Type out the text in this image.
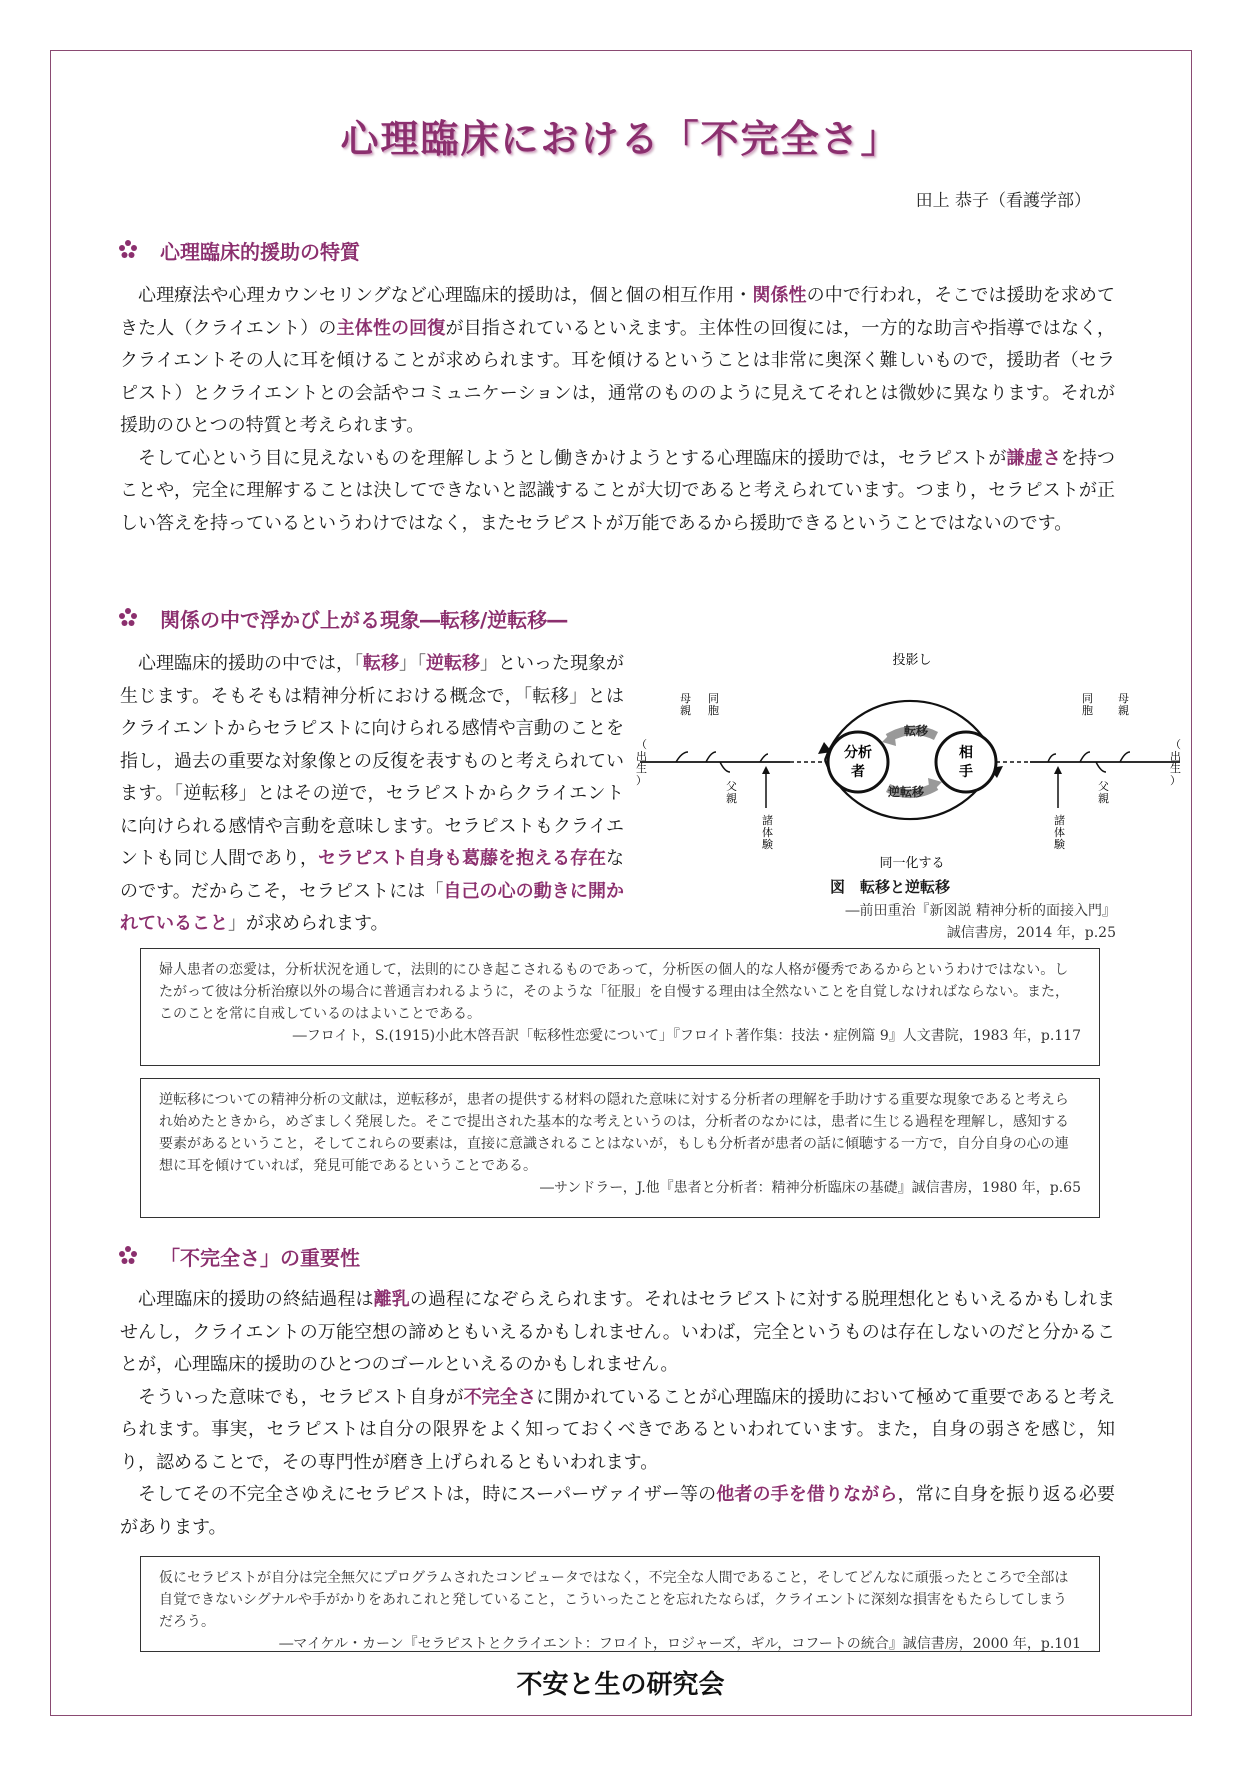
心理臨床における「不完全さ」
田上 恭子（看護学部）
心理臨床的援助の特質

心理療法や心理カウンセリングなど心理臨床的援助は，個と個の相互作用・関係性の中で行われ，そこでは援助を求めてきた人（クライエント）の主体性の回復が目指されているといえます。主体性の回復には，一方的な助言や指導ではなく，クライエントその人に耳を傾けることが求められます。耳を傾けるということは非常に奥深く難しいもので，援助者（セラピスト）とクライエントとの会話やコミュニケーションは，通常のもののように見えてそれとは微妙に異なります。それが援助のひとつの特質と考えられます。

そして心という目に見えないものを理解しようとし働きかけようとする心理臨床的援助では，セラピストが謙虚さを持つことや，完全に理解することは決してできないと認識することが大切であると考えられています。つまり，セラピストが正しい答えを持っているというわけではなく，またセラピストが万能であるから援助できるということではないのです。

関係の中で浮かび上がる現象―転移/逆転移―

心理臨床的援助の中では，「転移」「逆転移」といった現象が生じます。そもそもは精神分析における概念で，「転移」とはクライエントからセラピストに向けられる感情や言動のことを指し，過去の重要な対象像との反復を表すものと考えられています。「逆転移」とはその逆で，セラピストからクライエントに向けられる感情や言動を意味します。セラピストもクライエントも同じ人間であり，セラピスト自身も葛藤を抱える存在なのです。だからこそ，セラピストには「自己の心の動きに開かれていること」が求められます。

投影し
同一化する
分析
者
相
手
転移
逆転移
（出生）
母親
同胞
父親
諸体験
同胞
母親
父親
諸体験
（出生）
図　転移と逆転移
―前田重治『新図説 精神分析的面接入門』
誠信書房，2014 年，p.25
婦人患者の恋愛は，分析状況を通して，法則的にひき起こされるものであって，分析医の個人的な人格が優秀であるからというわけではない。したがって彼は分析治療以外の場合に普通言われるように，そのような「征服」を自慢する理由は全然ないことを自覚しなければならない。また，このことを常に自戒しているのはよいことである。
―フロイト，S.(1915)小此木啓吾訳「転移性恋愛について」『フロイト著作集：技法・症例篇 9』人文書院，1983 年，p.117
逆転移についての精神分析の文献は，逆転移が，患者の提供する材料の隠れた意味に対する分析者の理解を手助けする重要な現象であると考えられ始めたときから，めざましく発展した。そこで提出された基本的な考えというのは，分析者のなかには，患者に生じる過程を理解し，感知する要素があるということ，そしてこれらの要素は，直接に意識されることはないが，もしも分析者が患者の話に傾聴する一方で，自分自身の心の連想に耳を傾けていれば，発見可能であるということである。
―サンドラー，J.他『患者と分析者：精神分析臨床の基礎』誠信書房，1980 年，p.65
「不完全さ」の重要性

心理臨床的援助の終結過程は離乳の過程になぞらえられます。それはセラピストに対する脱理想化ともいえるかもしれませんし，クライエントの万能空想の諦めともいえるかもしれません。いわば，完全というものは存在しないのだと分かることが，心理臨床的援助のひとつのゴールといえるのかもしれません。

そういった意味でも，セラピスト自身が不完全さに開かれていることが心理臨床的援助において極めて重要であると考えられます。事実，セラピストは自分の限界をよく知っておくべきであるといわれています。また，自身の弱さを感じ，知り，認めることで，その専門性が磨き上げられるともいわれます。

そしてその不完全さゆえにセラピストは，時にスーパーヴァイザー等の他者の手を借りながら，常に自身を振り返る必要があります。

仮にセラピストが自分は完全無欠にプログラムされたコンピュータではなく，不完全な人間であること，そしてどんなに頑張ったところで全部は自覚できないシグナルや手がかりをあれこれと発していること，こういったことを忘れたならば，クライエントに深刻な損害をもたらしてしまうだろう。
―マイケル・カーン『セラピストとクライエント：フロイト，ロジャーズ，ギル，コフートの統合』誠信書房，2000 年，p.101
不安と生の研究会
